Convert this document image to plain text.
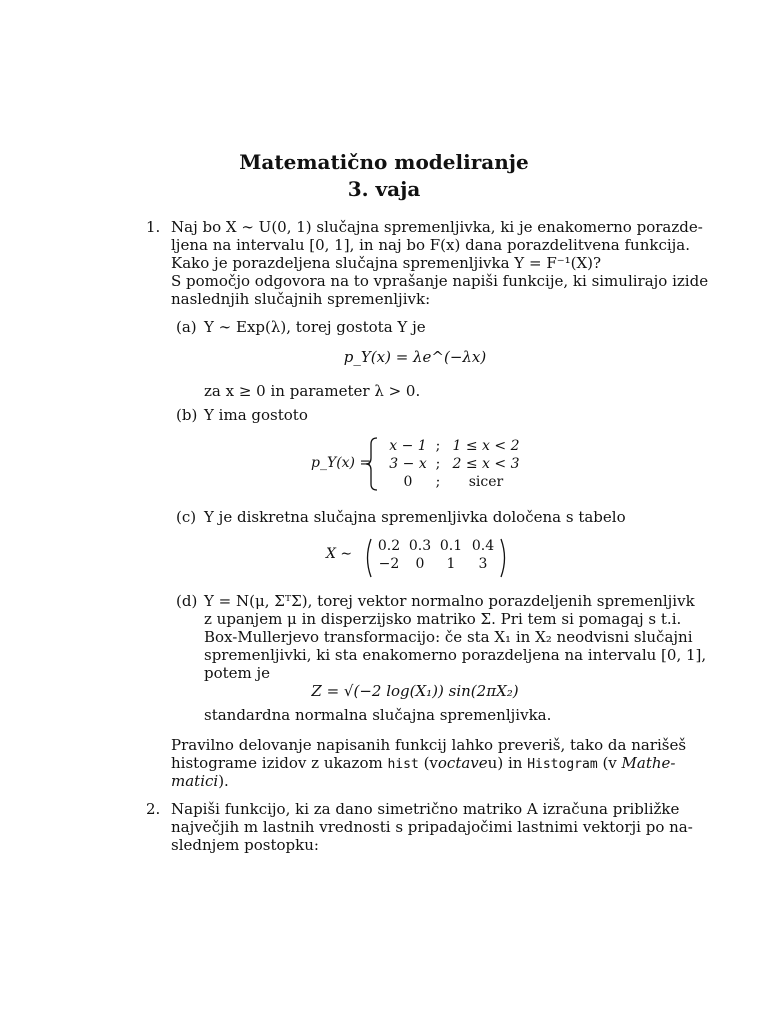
Matematično modeliranje
3. vaja
1. Naj bo X ∼ U(0, 1) slučajna spremenljivka, ki je enakomerno porazde-
ljena na intervalu [0, 1], in naj bo F(x) dana porazdelitvena funkcija.
Kako je porazdeljena slučajna spremenljivka Y = F⁻¹(X)?
S pomočjo odgovora na to vprašanje napiši funkcije, ki simulirajo izide
naslednjih slučajnih spremenljivk:
(a) Y ∼ Exp(λ), torej gostota Y je
p_Y(x) = λe^(−λx)
za x ≥ 0 in parameter λ > 0.
(b) Y ima gostoto
p_Y(x) =
x − 1 ; 1 ≤ x < 2
3 − x ; 2 ≤ x < 3
0	;	sicer
(c) Y je diskretna slučajna spremenljivka določena s tabelo
X ∼ 0.2 0.3 0.1 0.4
−2	0	1	3
(d) Y = N(μ, ΣᵀΣ), torej vektor normalno porazdeljenih spremenljivk
z upanjem μ in disperzijsko matriko Σ. Pri tem si pomagaj s t.i.
Box-Mullerjevo transformacijo: če sta X₁ in X₂ neodvisni slučajni
spremenljivki, ki sta enakomerno porazdeljena na intervalu [0, 1],
potem je
Z = √(−2 log(X₁)) sin(2πX₂)
standardna normalna slučajna spremenljivka.
Pravilno delovanje napisanih funkcij lahko preveriš, tako da narišeš
histograme izidov z ukazom hist (voctaveu) in Histogram (v Mathe-
matici).
2. Napiši funkcijo, ki za dano simetrično matriko A izračuna približke
največjih m lastnih vrednosti s pripadajočimi lastnimi vektorji po na-
slednjem postopku:
